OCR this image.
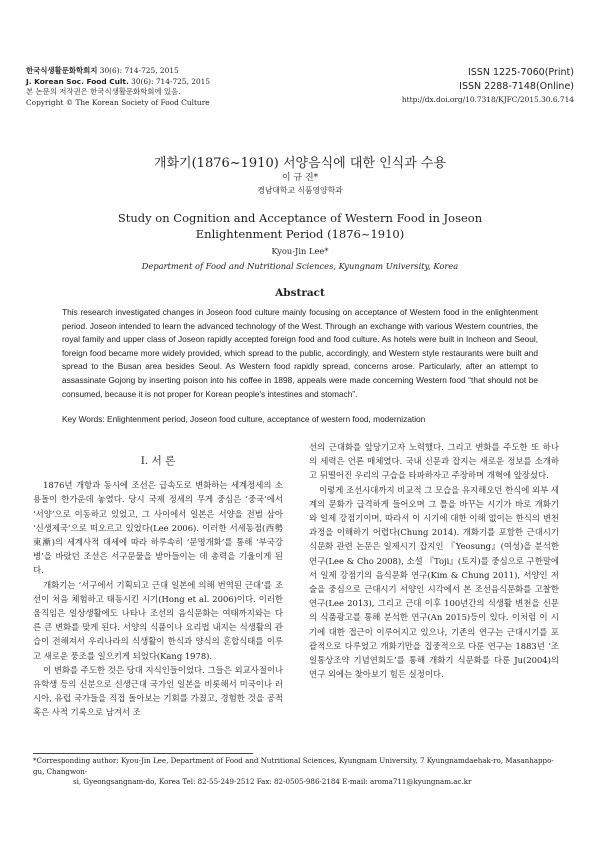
한국식생활문화학회지 30(6): 714-725, 2015
J. Korean Soc. Food Cult. 30(6): 714-725, 2015
본 논문의 저작권은 한국식생활문화학회에 있음.
Copyright © The Korean Society of Food Culture
ISSN 1225-7060(Print)
ISSN 2288-7148(Online)
http://dx.doi.org/10.7318/KJFC/2015.30.6.714
개화기(1876~1910) 서양음식에 대한 인식과 수용
이 규 진*
경남대학교 식품영양학과
Study on Cognition and Acceptance of Western Food in Joseon
Enlightenment Period (1876~1910)
Kyou-Jin Lee*
Department of Food and Nutritional Sciences, Kyungnam University, Korea
Abstract
This research investigated changes in Joseon food culture mainly focusing on acceptance of Western food in the enlightenment period. Joseon intended to learn the advanced technology of the West. Through an exchange with various Western countries, the royal family and upper class of Joseon rapidly accepted foreign food and food culture. As hotels were built in Incheon and Seoul, foreign food became more widely provided, which spread to the public, accordingly, and Western style restaurants were built and spread to the Busan area besides Seoul. As Western food rapidly spread, concerns arose. Particularly, after an attempt to assassinate Gojong by inserting poison into his coffee in 1898, appeals were made concerning Western food “that should not be consumed, because it is not proper for Korean people's intestines and stomach”.
Key Words: Enlightenment period, Joseon food culture, acceptance of western food, modernization
I. 서 론

1876년 개항과 동시에 조선은 급속도로 변화하는 세계정세의 소용돌이 한가운데 놓였다. 당시 국제 정세의 무게 중심은 ‘중국’에서 ‘서양’으로 이동하고 있었고, 그 사이에서 일본은 서양을 전범 삼아 ‘신생제국’으로 떠오르고 있었다(Lee 2006). 이러한 서세동점(西勢東漸)의 세계사적 대세에 따라 하루속히 ‘문명개화’를 통해 ‘부국강병’을 바랐던 조선은 서구문물을 받아들이는 데 총력을 기울이게 된다.

개화기는 ‘서구에서 기획되고 근대 일본에 의해 번역된 근대’를 조선이 처음 체험하고 태동시킨 시기(Hong et al. 2006)이다. 이러한 움직임은 일상생활에도 나타나 조선의 음식문화는 여태까지와는 다른 큰 변화를 맞게 된다. 서양의 식품이나 요리법 내지는 식생활의 관습이 전해져서 우리나라의 식생활이 한식과 양식의 혼합식태를 이루고 새로운 풍조를 일으키게 되었다(Kang 1978).

이 변화를 주도한 것은 당대 지식인들이었다. 그들은 외교사절이나 유학생 등의 신분으로 신생근대 국가인 일본을 비롯해서 미국이나 러시아, 유럽 국가들을 직접 돌아보는 기회를 가졌고, 경험한 것을 공적 혹은 사적 기록으로 남겨서 조

선의 근대화를 앞당기고자 노력했다. 그리고 변화를 주도한 또 하나의 세력은 언론 매체였다. 국내 신문과 잡지는 새로운 정보를 소개하고 뒤떨어진 우리의 구습을 타파하자고 주장하며 개혁에 앞장섰다.

이렇게 조선시대까지 비교적 그 모습을 유지해오던 한식에 외부 세계의 문화가 급격하게 들어오며 그 틀을 바꾸는 시기가 바로 개화기와 일제 강점기이며, 따라서 이 시기에 대한 이해 없이는 한식의 변천과정을 이해하기 어렵다(Chung 2014). 개화기를 포함한 근대시기 식문화 관련 논문은 일제시기 잡지인 『Yeosung』(여성)을 분석한 연구(Lee & Cho 2008), 소설 『Toji』(토지)를 중심으로 구한말에서 일제 강점기의 음식문화 연구(Kim & Chung 2011), 서양인 저술을 중심으로 근대시기 서양인 시각에서 본 조선음식문화를 고찰한 연구(Lee 2013), 그리고 근대 이후 100년간의 식생활 변천을 신문의 식품광고를 통해 분석한 연구(An 2015)등이 있다. 이처럼 이 시기에 대한 접근이 이루어지고 있으나, 기존의 연구는 근대시기를 포괄적으로 다루었고 개화기만을 집중적으로 다룬 연구는 1883년 ‘조일통상조약 기념연회도’를 통해 개화기 식문화를 다룬 Ju(2004)의 연구 외에는 찾아보기 힘든 실정이다.

*Corresponding author: Kyou-Jin Lee, Department of Food and Nutritional Sciences, Kyungnam University, 7 Kyungnamdaehak-ro, Masanhappo-gu, Changwon-
si, Gyeongsangnam-do, Korea Tel: 82-55-249-2512 Fax: 82-0505-986-2184 E-mail: aroma711@kyungnam.ac.kr
